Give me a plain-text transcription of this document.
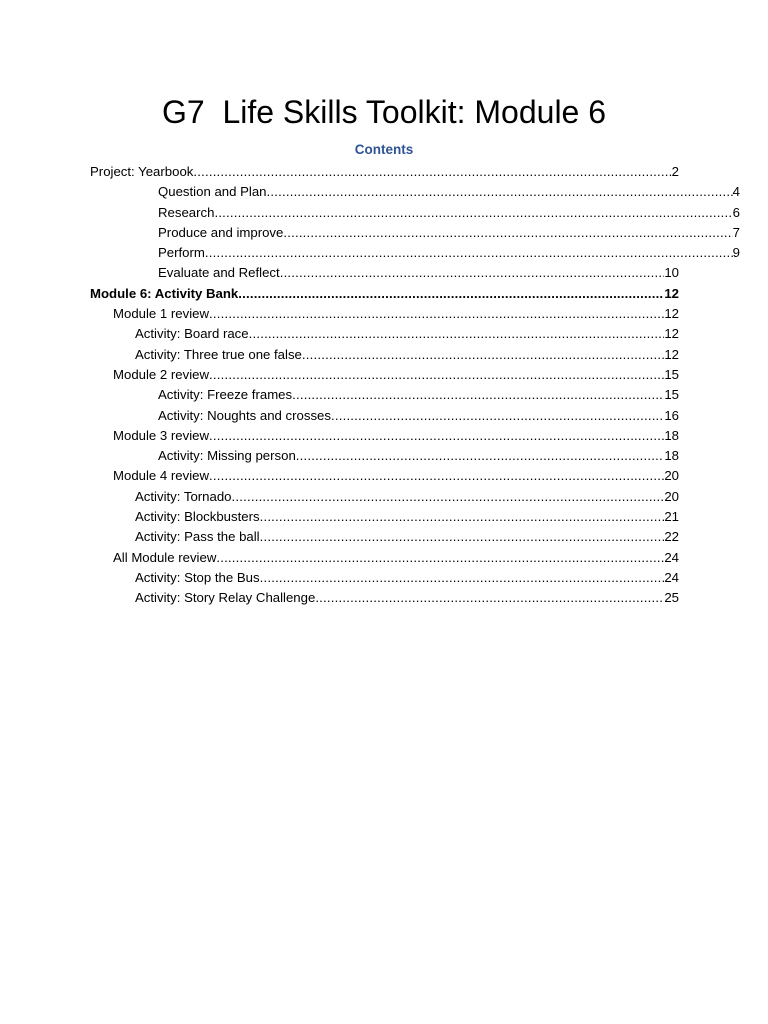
G7  Life Skills Toolkit: Module 6
Contents
Project: Yearbook .....	2
Question and Plan .....	4
Research .....	6
Produce and improve .....	7
Perform .....	9
Evaluate and Reflect .....	10
Module 6: Activity Bank .....	12
Module 1 review .....	12
Activity: Board race .....	12
Activity: Three true one false .....	12
Module 2 review .....	15
Activity: Freeze frames .....	15
Activity: Noughts and crosses .....	16
Module 3 review .....	18
Activity: Missing person .....	18
Module 4 review .....	20
Activity: Tornado .....	20
Activity: Blockbusters .....	21
Activity: Pass the ball .....	22
All Module review .....	24
Activity: Stop the Bus .....	24
Activity: Story Relay Challenge .....	25
